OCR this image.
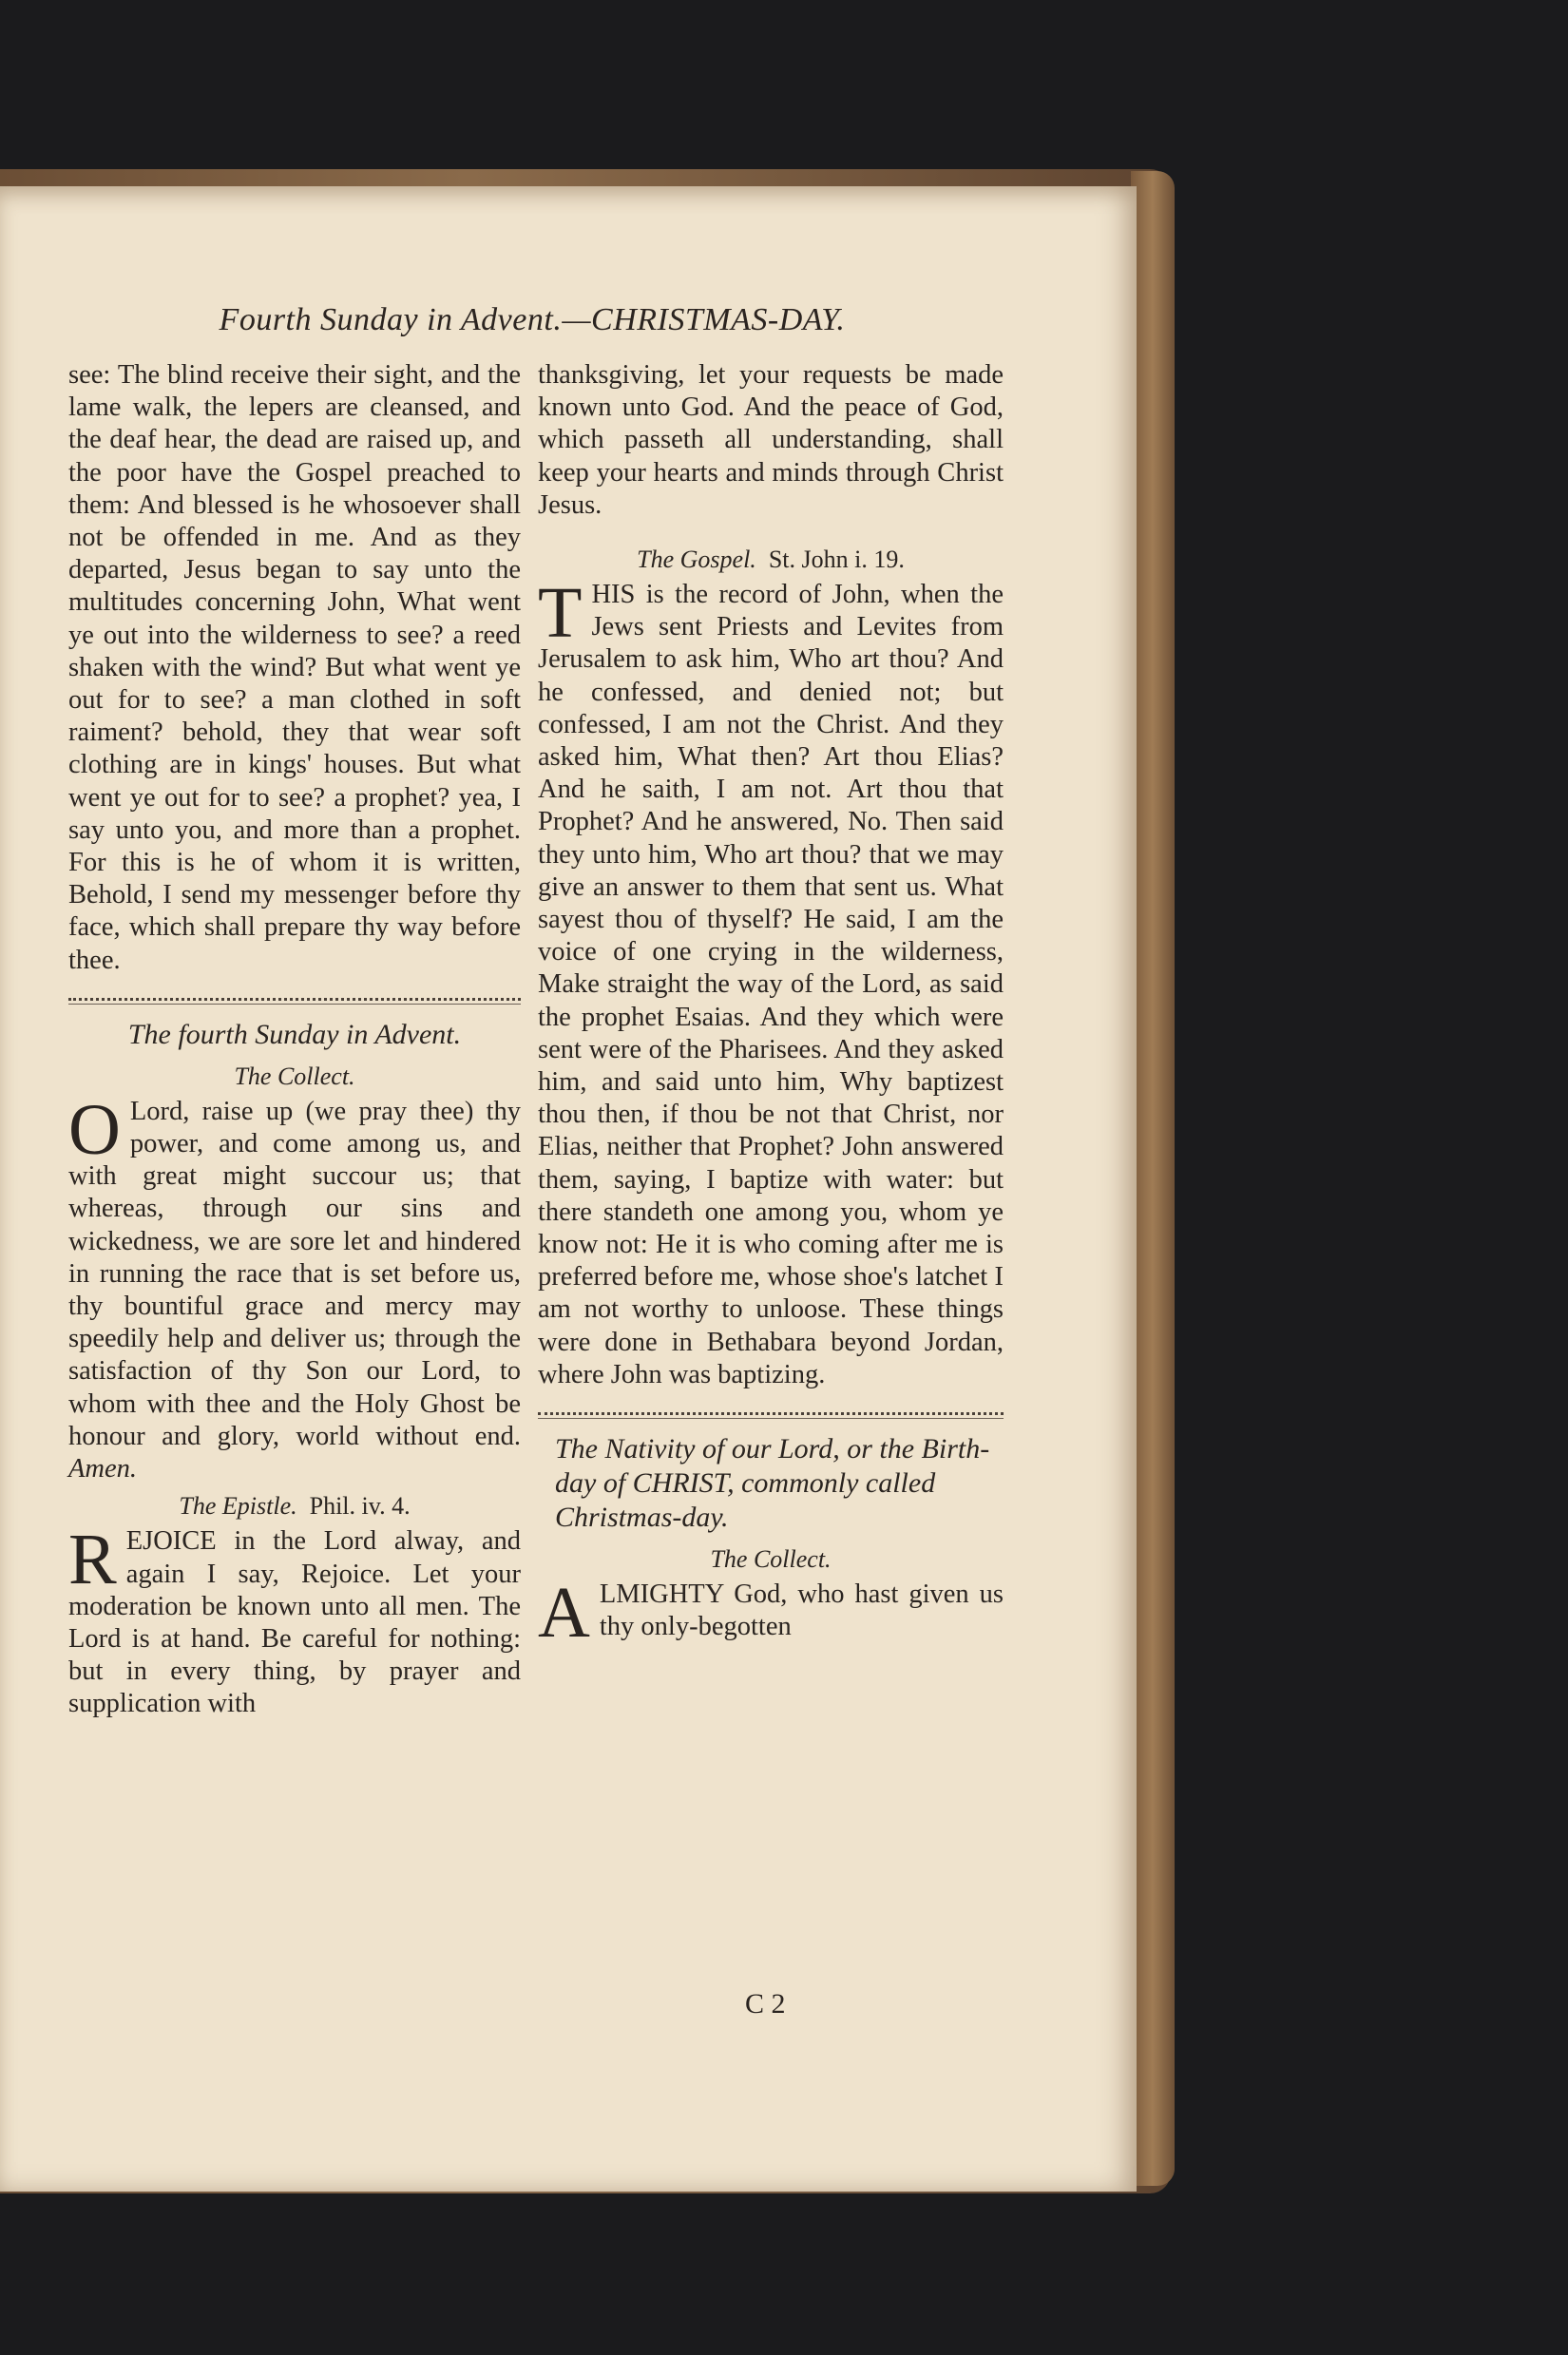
Fourth Sunday in Advent.—CHRISTMAS-DAY.

see: The blind receive their sight, and the lame walk, the lepers are cleansed, and the deaf hear, the dead are raised up, and the poor have the Gospel preached to them: And blessed is he whosoever shall not be offended in me. And as they departed, Jesus began to say unto the multitudes concerning John, What went ye out into the wilderness to see? a reed shaken with the wind? But what went ye out for to see? a man clothed in soft raiment? behold, they that wear soft clothing are in kings' houses. But what went ye out for to see? a prophet? yea, I say unto you, and more than a prophet. For this is he of whom it is written, Behold, I send my messenger before thy face, which shall prepare thy way before thee.

The fourth Sunday in Advent.
The Collect.

O Lord, raise up (we pray thee) thy power, and come among us, and with great might succour us; that whereas, through our sins and wickedness, we are sore let and hindered in running the race that is set before us, thy bountiful grace and mercy may speedily help and deliver us; through the satisfaction of thy Son our Lord, to whom with thee and the Holy Ghost be honour and glory, world without end. Amen.

The Epistle. Phil. iv. 4.

REJOICE in the Lord alway, and again I say, Rejoice. Let your moderation be known unto all men. The Lord is at hand. Be careful for nothing: but in every thing, by prayer and supplication with

thanksgiving, let your requests be made known unto God. And the peace of God, which passeth all understanding, shall keep your hearts and minds through Christ Jesus.

The Gospel. St. John i. 19.

THIS is the record of John, when the Jews sent Priests and Levites from Jerusalem to ask him, Who art thou? And he confessed, and denied not; but confessed, I am not the Christ. And they asked him, What then? Art thou Elias? And he saith, I am not. Art thou that Prophet? And he answered, No. Then said they unto him, Who art thou? that we may give an answer to them that sent us. What sayest thou of thyself? He said, I am the voice of one crying in the wilderness, Make straight the way of the Lord, as said the prophet Esaias. And they which were sent were of the Pharisees. And they asked him, and said unto him, Why baptizest thou then, if thou be not that Christ, nor Elias, neither that Prophet? John answered them, saying, I baptize with water: but there standeth one among you, whom ye know not: He it is who coming after me is preferred before me, whose shoe's latchet I am not worthy to unloose. These things were done in Bethabara beyond Jordan, where John was baptizing.

The Nativity of our Lord, or the Birth-day of CHRIST, commonly called Christmas-day.
The Collect.

ALMIGHTY God, who hast given us thy only-begotten

C 2
